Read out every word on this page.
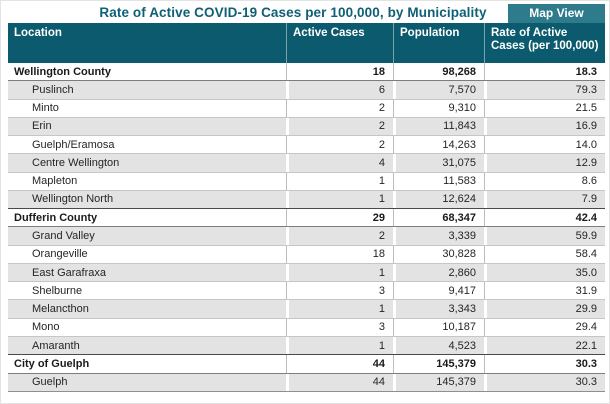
Rate of Active COVID-19 Cases per 100,000, by Municipality	Map View
Location	Active Cases	Population	Rate of Active Cases (per 100,000)
Wellington County	18	98,268	18.3
Puslinch	6	7,570	79.3
Minto	2	9,310	21.5
Erin	2	11,843	16.9
Guelph/Eramosa	2	14,263	14.0
Centre Wellington	4	31,075	12.9
Mapleton	1	11,583	8.6
Wellington North	1	12,624	7.9
Dufferin County	29	68,347	42.4
Grand Valley	2	3,339	59.9
Orangeville	18	30,828	58.4
East Garafraxa	1	2,860	35.0
Shelburne	3	9,417	31.9
Melancthon	1	3,343	29.9
Mono	3	10,187	29.4
Amaranth	1	4,523	22.1
City of Guelph	44	145,379	30.3
Guelph	44	145,379	30.3
